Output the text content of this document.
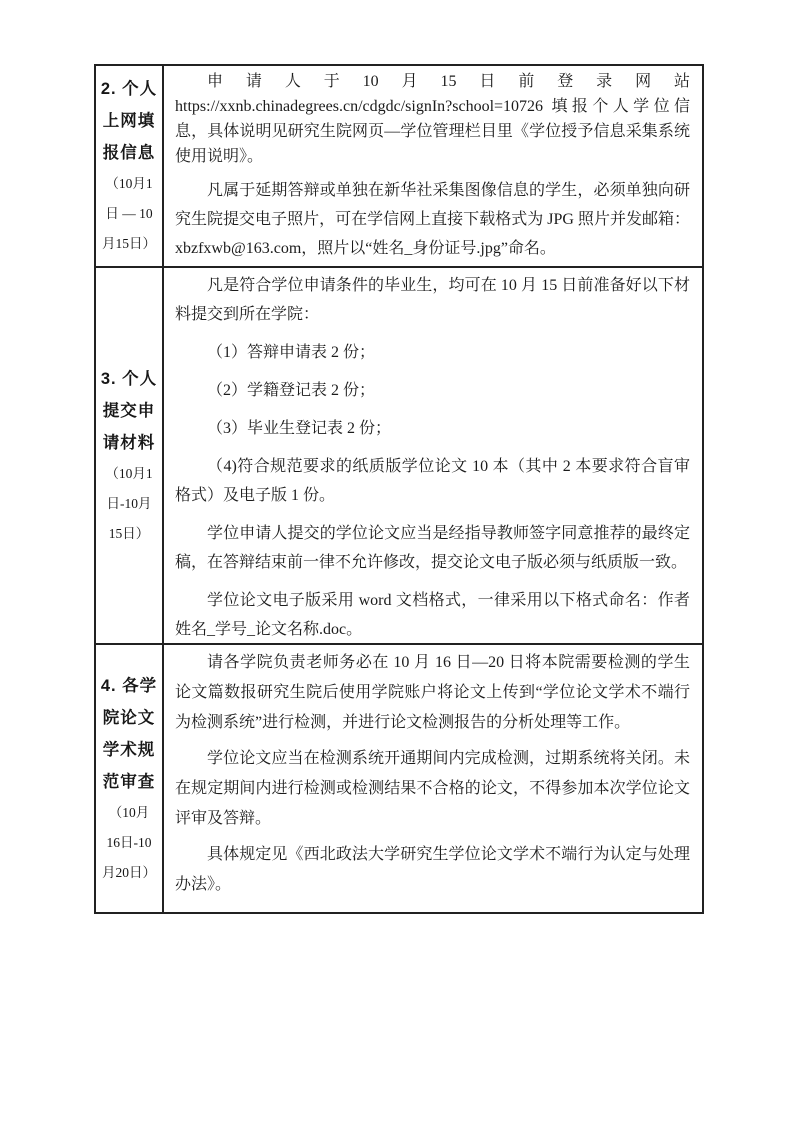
2. 个人
上网填
报信息
（10月1
日 — 10
月15日）
申请人于10月15日前登录网站 https://xxnb.chinadegrees.cn/cdgdc/signIn?school=10726 填报个人学位信息，具体说明见研究生院网页—学位管理栏目里《学位授予信息采集系统使用说明》。
凡属于延期答辩或单独在新华社采集图像信息的学生，必须单独向研究生院提交电子照片，可在学信网上直接下载格式为 JPG 照片并发邮箱：xbzfxwb@163.com，照片以“姓名_身份证号.jpg”命名。
3. 个人
提交申
请材料
（10月1
日-10月
15日）
凡是符合学位申请条件的毕业生，均可在 10 月 15 日前准备好以下材料提交到所在学院：
（1）答辩申请表 2 份；
（2）学籍登记表 2 份；
（3）毕业生登记表 2 份；
（4)符合规范要求的纸质版学位论文 10 本（其中 2 本要求符合盲审格式）及电子版 1 份。
学位申请人提交的学位论文应当是经指导教师签字同意推荐的最终定稿，在答辩结束前一律不允许修改，提交论文电子版必须与纸质版一致。
学位论文电子版采用 word 文档格式，一律采用以下格式命名：作者姓名_学号_论文名称.doc。
4. 各学
院论文
学术规
范审查
（10月
16日-10
月20日）
请各学院负责老师务必在 10 月 16 日—20 日将本院需要检测的学生论文篇数报研究生院后使用学院账户将论文上传到“学位论文学术不端行为检测系统”进行检测，并进行论文检测报告的分析处理等工作。
学位论文应当在检测系统开通期间内完成检测，过期系统将关闭。未在规定期间内进行检测或检测结果不合格的论文，不得参加本次学位论文评审及答辩。
具体规定见《西北政法大学研究生学位论文学术不端行为认定与处理办法》。
